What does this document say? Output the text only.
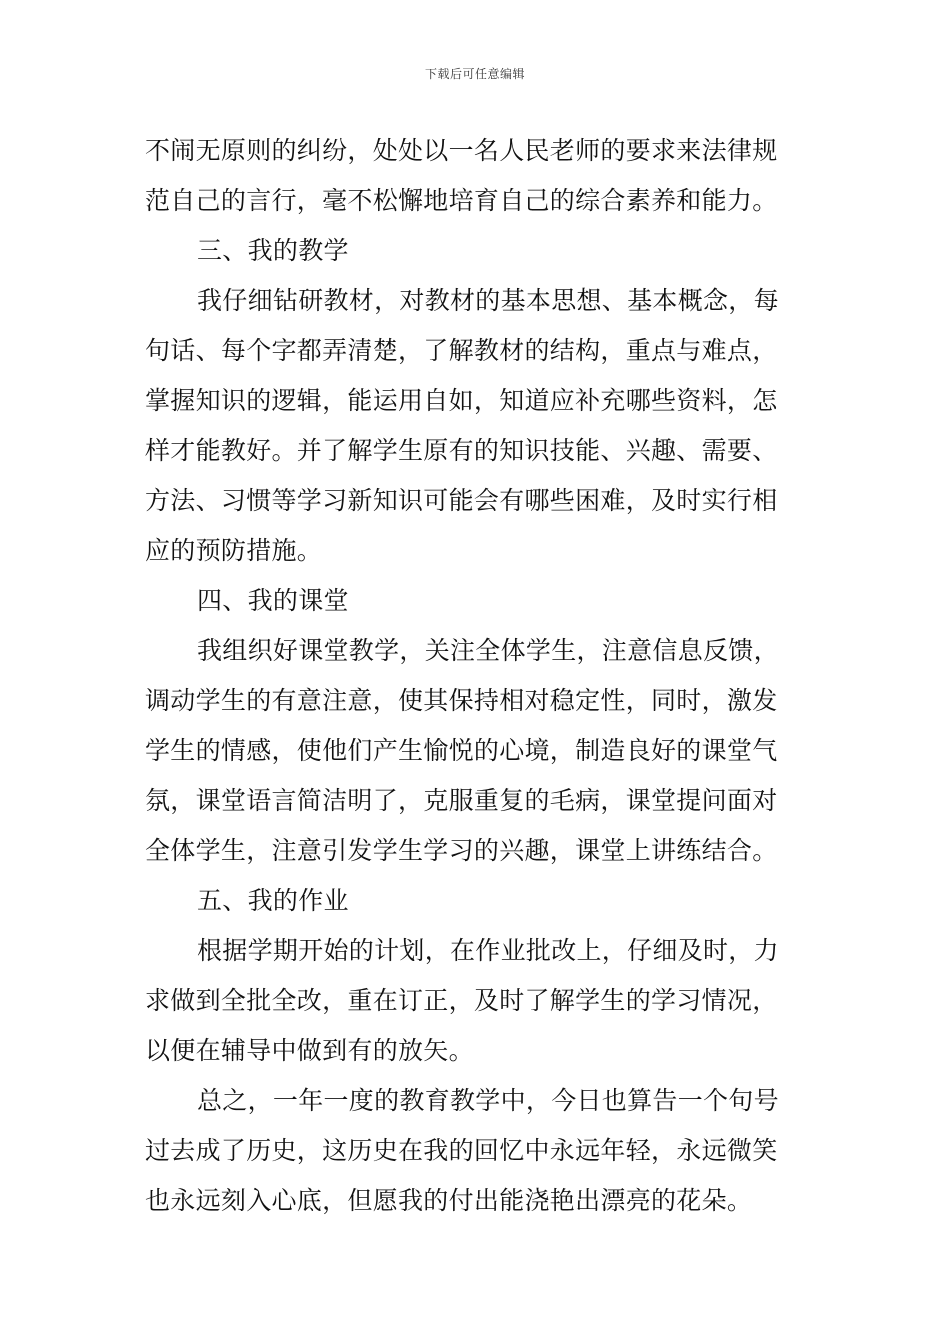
下载后可任意编辑
不闹无原则的纠纷，处处以一名人民老师的要求来法律规
范自己的言行，毫不松懈地培育自己的综合素养和能力。
三、我的教学
我仔细钻研教材，对教材的基本思想、基本概念，每
句话、每个字都弄清楚，了解教材的结构，重点与难点，
掌握知识的逻辑，能运用自如，知道应补充哪些资料，怎
样才能教好。并了解学生原有的知识技能、兴趣、需要、
方法、习惯等学习新知识可能会有哪些困难，及时实行相
应的预防措施。
四、我的课堂
我组织好课堂教学，关注全体学生，注意信息反馈，
调动学生的有意注意，使其保持相对稳定性，同时，激发
学生的情感，使他们产生愉悦的心境，制造良好的课堂气
氛，课堂语言简洁明了，克服重复的毛病，课堂提问面对
全体学生，注意引发学生学习的兴趣，课堂上讲练结合。
五、我的作业
根据学期开始的计划，在作业批改上，仔细及时，力
求做到全批全改，重在订正，及时了解学生的学习情况，
以便在辅导中做到有的放矢。
总之，一年一度的教育教学中，今日也算告一个句号
过去成了历史，这历史在我的回忆中永远年轻，永远微笑
也永远刻入心底，但愿我的付出能浇艳出漂亮的花朵。
